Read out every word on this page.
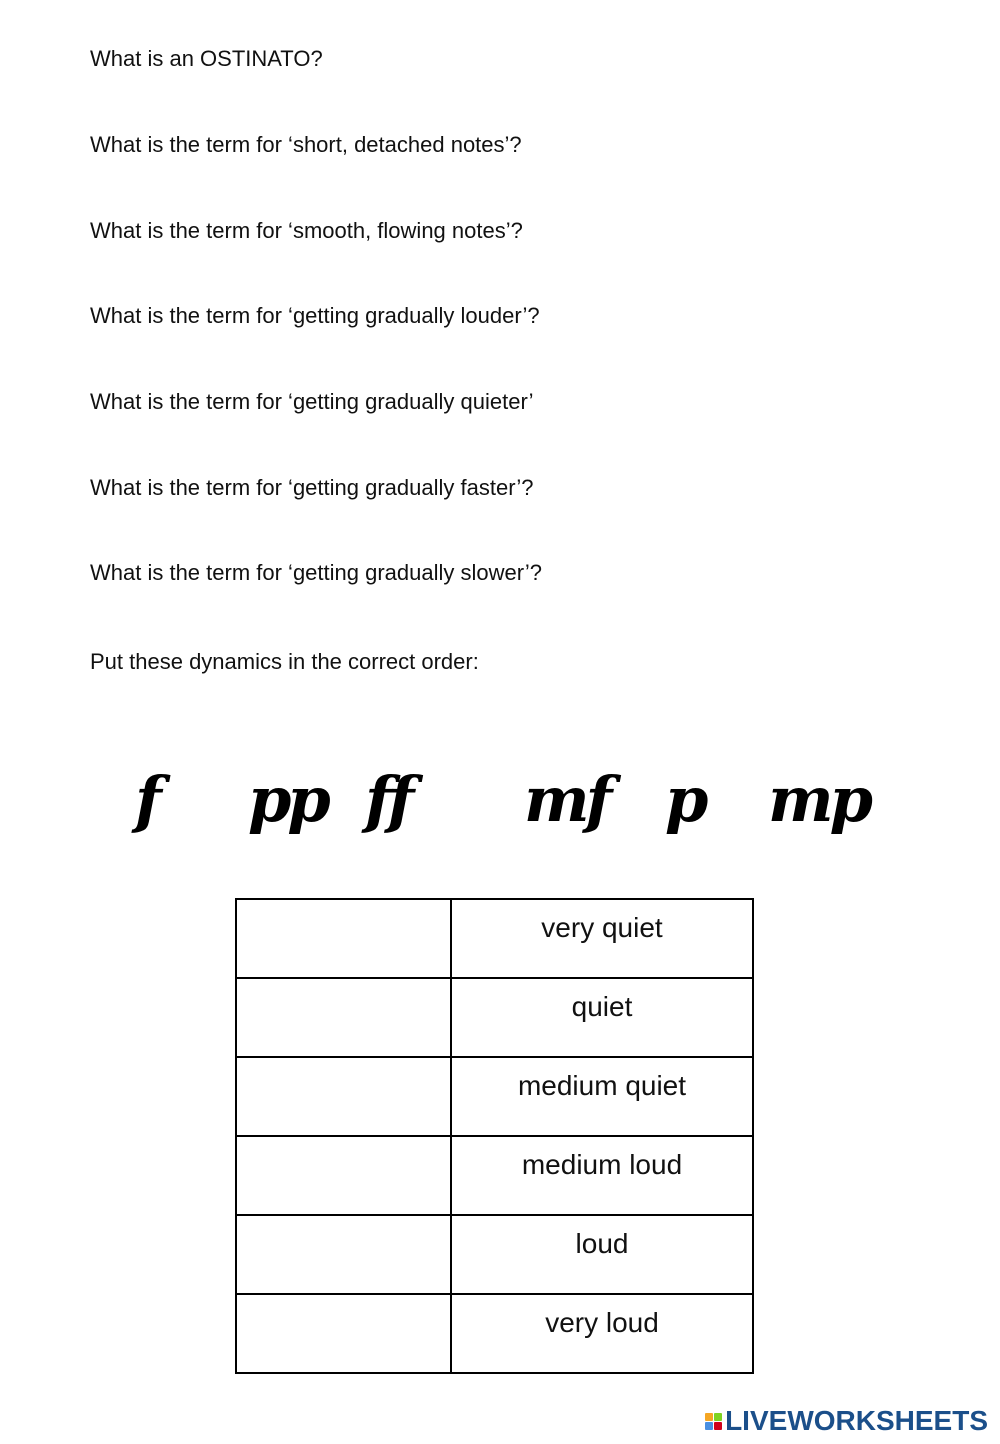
What is an OSTINATO?

What is the term for ‘short, detached notes’?

What is the term for ‘smooth, flowing notes’?

What is the term for ‘getting gradually louder’?

What is the term for ‘getting gradually quieter’

What is the term for ‘getting gradually faster’?

What is the term for ‘getting gradually slower’?

Put these dynamics in the correct order:

f pp ff mf p mp
	very quiet

	quiet

	medium quiet

	medium loud

	loud

	very loud
LIVEWORKSHEETS
